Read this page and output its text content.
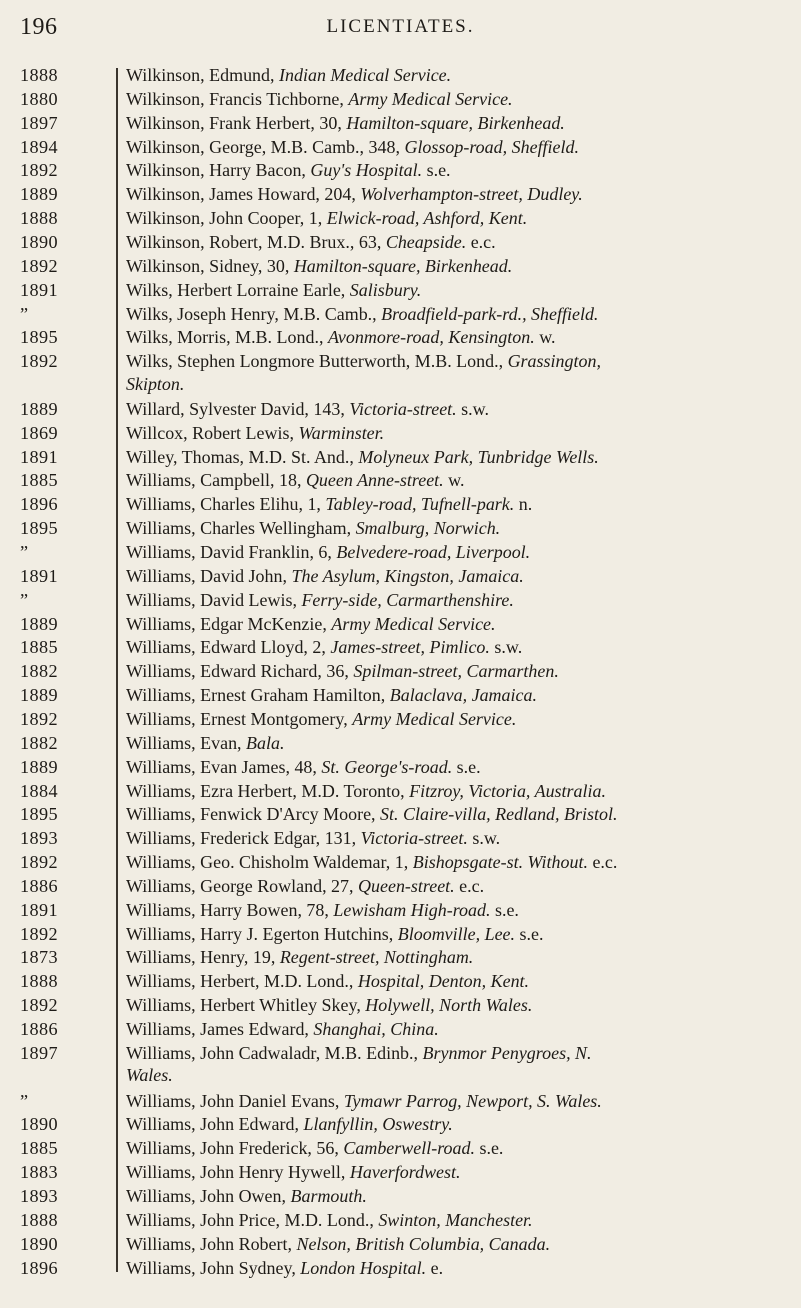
196	LICENTIATES.
1888	Wilkinson, Edmund, Indian Medical Service.
1880	Wilkinson, Francis Tichborne, Army Medical Service.
1897	Wilkinson, Frank Herbert, 30, Hamilton-square, Birkenhead.
1894	Wilkinson, George, M.B. Camb., 348, Glossop-road, Sheffield.
1892	Wilkinson, Harry Bacon, Guy's Hospital. s.e.
1889	Wilkinson, James Howard, 204, Wolverhampton-street, Dudley.
1888	Wilkinson, John Cooper, 1, Elwick-road, Ashford, Kent.
1890	Wilkinson, Robert, M.D. Brux., 63, Cheapside. e.c.
1892	Wilkinson, Sidney, 30, Hamilton-square, Birkenhead.
1891	Wilks, Herbert Lorraine Earle, Salisbury.
”	Wilks, Joseph Henry, M.B. Camb., Broadfield-park-rd., Sheffield.
1895	Wilks, Morris, M.B. Lond., Avonmore-road, Kensington. w.
1892	Wilks, Stephen Longmore Butterworth, M.B. Lond., Grassington,
Skipton.
1889	Willard, Sylvester David, 143, Victoria-street. s.w.
1869	Willcox, Robert Lewis, Warminster.
1891	Willey, Thomas, M.D. St. And., Molyneux Park, Tunbridge Wells.
1885	Williams, Campbell, 18, Queen Anne-street. w.
1896	Williams, Charles Elihu, 1, Tabley-road, Tufnell-park. n.
1895	Williams, Charles Wellingham, Smalburg, Norwich.
”	Williams, David Franklin, 6, Belvedere-road, Liverpool.
1891	Williams, David John, The Asylum, Kingston, Jamaica.
”	Williams, David Lewis, Ferry-side, Carmarthenshire.
1889	Williams, Edgar McKenzie, Army Medical Service.
1885	Williams, Edward Lloyd, 2, James-street, Pimlico. s.w.
1882	Williams, Edward Richard, 36, Spilman-street, Carmarthen.
1889	Williams, Ernest Graham Hamilton, Balaclava, Jamaica.
1892	Williams, Ernest Montgomery, Army Medical Service.
1882	Williams, Evan, Bala.
1889	Williams, Evan James, 48, St. George's-road. s.e.
1884	Williams, Ezra Herbert, M.D. Toronto, Fitzroy, Victoria, Australia.
1895	Williams, Fenwick D'Arcy Moore, St. Claire-villa, Redland, Bristol.
1893	Williams, Frederick Edgar, 131, Victoria-street. s.w.
1892	Williams, Geo. Chisholm Waldemar, 1, Bishopsgate-st. Without. e.c.
1886	Williams, George Rowland, 27, Queen-street. e.c.
1891	Williams, Harry Bowen, 78, Lewisham High-road. s.e.
1892	Williams, Harry J. Egerton Hutchins, Bloomville, Lee. s.e.
1873	Williams, Henry, 19, Regent-street, Nottingham.
1888	Williams, Herbert, M.D. Lond., Hospital, Denton, Kent.
1892	Williams, Herbert Whitley Skey, Holywell, North Wales.
1886	Williams, James Edward, Shanghai, China.
1897	Williams, John Cadwaladr, M.B. Edinb., Brynmor Penygroes, N.
Wales.
”	Williams, John Daniel Evans, Tymawr Parrog, Newport, S. Wales.
1890	Williams, John Edward, Llanfyllin, Oswestry.
1885	Williams, John Frederick, 56, Camberwell-road. s.e.
1883	Williams, John Henry Hywell, Haverfordwest.
1893	Williams, John Owen, Barmouth.
1888	Williams, John Price, M.D. Lond., Swinton, Manchester.
1890	Williams, John Robert, Nelson, British Columbia, Canada.
1896	Williams, John Sydney, London Hospital. e.
